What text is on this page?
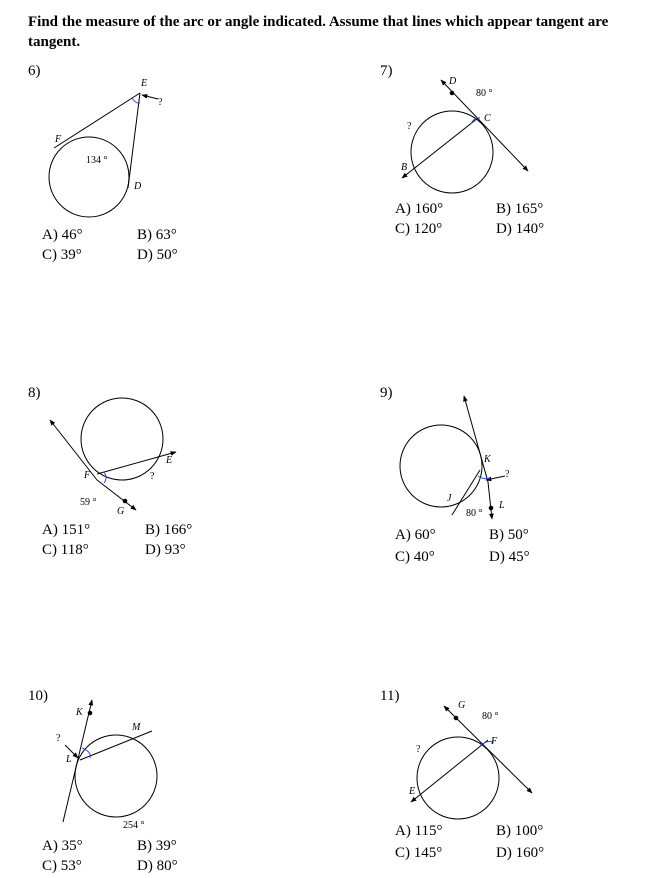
Find the measure of the arc or angle indicated. Assume that lines which appear tangent are tangent.
6)	7)
8)	9)
10)	11)
E
F
D
?
134 °
D
80 °
C
?
B
F
E
?
59 °
G
K
?
J
L
80 °
K
M
?
L
254 °
G
80 °
F
?
E
A) 46°	B) 63°
C) 39°	D) 50°
A) 160°	B) 165°
C) 120°	D) 140°
A) 151°	B) 166°
C) 118°	D) 93°
A) 60°	B) 50°
C) 40°	D) 45°
A) 35°	B) 39°
C) 53°	D) 80°
A) 115°	B) 100°
C) 145°	D) 160°
